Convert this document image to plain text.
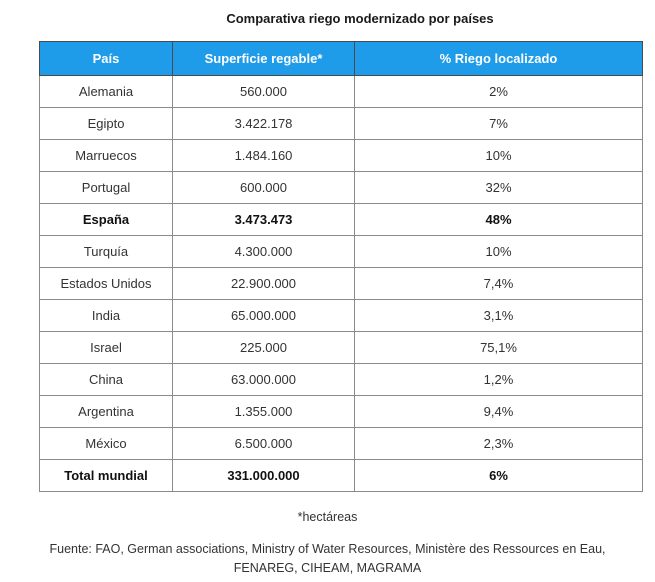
Comparativa riego modernizado por países
País	Superficie regable*	% Riego localizado
Alemania	560.000	2%
Egipto	3.422.178	7%
Marruecos	1.484.160	10%
Portugal	600.000	32%
España	3.473.473	48%
Turquía	4.300.000	10%
Estados Unidos	22.900.000	7,4%
India	65.000.000	3,1%
Israel	225.000	75,1%
China	63.000.000	1,2%
Argentina	1.355.000	9,4%
México	6.500.000	2,3%
Total mundial	331.000.000	6%
*hectáreas
Fuente: FAO, German associations, Ministry of Water Resources, Ministère des Ressources en Eau,
FENAREG, CIHEAM, MAGRAMA
